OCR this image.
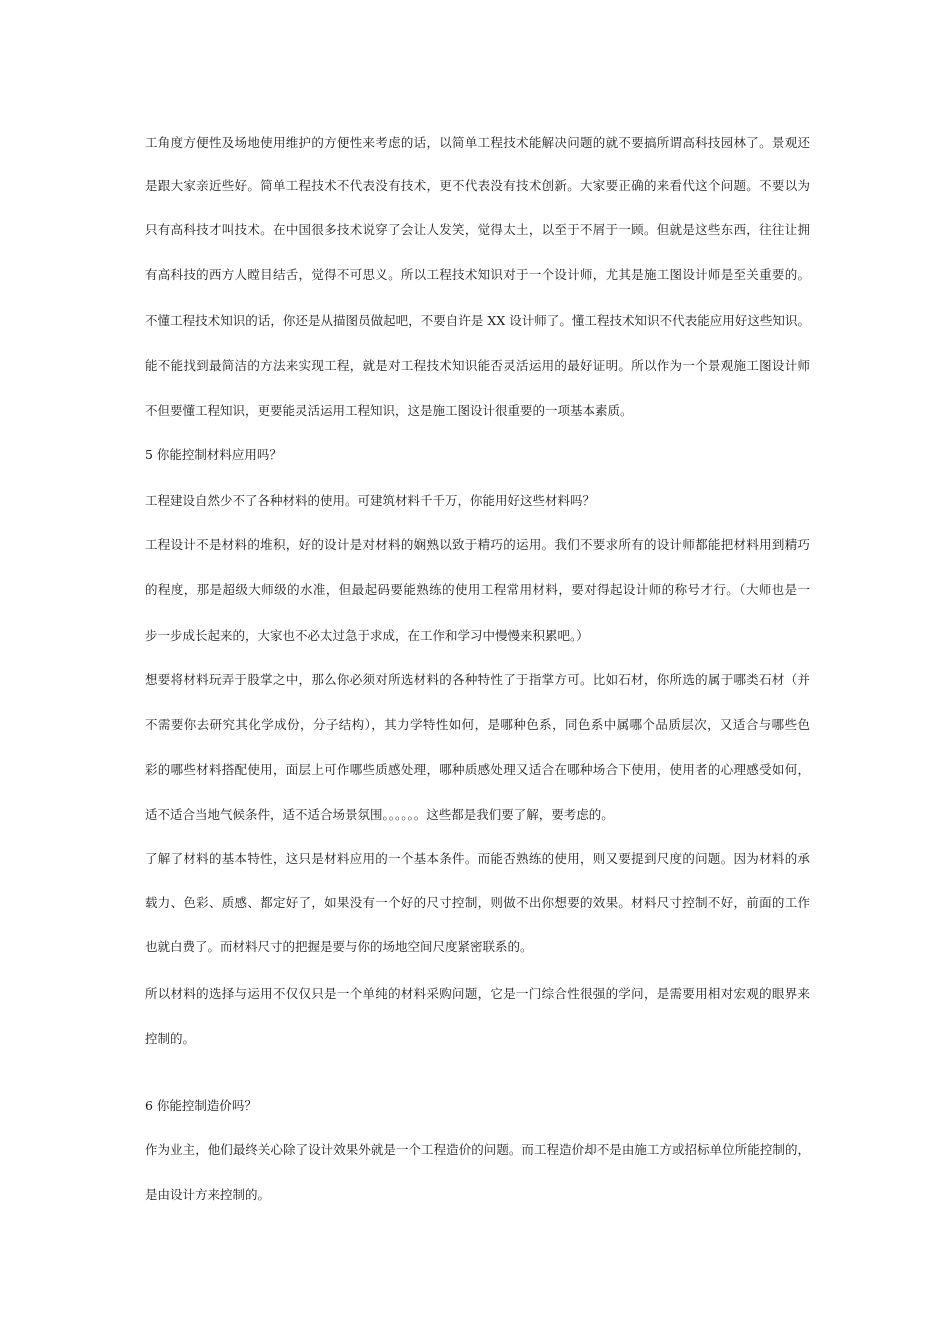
工角度方便性及场地使用维护的方便性来考虑的话，以简单工程技术能解决问题的就不要搞所谓高科技园林了。景观还
是跟大家亲近些好。简单工程技术不代表没有技术，更不代表没有技术创新。大家要正确的来看代这个问题。不要以为
只有高科技才叫技术。在中国很多技术说穿了会让人发笑，觉得太土，以至于不屑于一顾。但就是这些东西，往往让拥
有高科技的西方人瞠目结舌，觉得不可思义。所以工程技术知识对于一个设计师，尤其是施工图设计师是至关重要的。
不懂工程技术知识的话，你还是从描图员做起吧，不要自许是 XX 设计师了。懂工程技术知识不代表能应用好这些知识。
能不能找到最简洁的方法来实现工程，就是对工程技术知识能否灵活运用的最好证明。所以作为一个景观施工图设计师
不但要懂工程知识，更要能灵活运用工程知识，这是施工图设计很重要的一项基本素质。
5 你能控制材料应用吗？
工程建设自然少不了各种材料的使用。可建筑材料千千万，你能用好这些材料吗？
工程设计不是材料的堆积，好的设计是对材料的娴熟以致于精巧的运用。我们不要求所有的设计师都能把材料用到精巧
的程度，那是超级大师级的水准，但最起码要能熟练的使用工程常用材料，要对得起设计师的称号才行。（大师也是一
步一步成长起来的，大家也不必太过急于求成，在工作和学习中慢慢来积累吧。）
想要将材料玩弄于股掌之中，那么你必须对所选材料的各种特性了于指掌方可。比如石材，你所选的属于哪类石材（并
不需要你去研究其化学成份，分子结构），其力学特性如何，是哪种色系，同色系中属哪个品质层次，又适合与哪些色
彩的哪些材料搭配使用，面层上可作哪些质感处理，哪种质感处理又适合在哪种场合下使用，使用者的心理感受如何，
适不适合当地气候条件，适不适合场景氛围。。。。。。这些都是我们要了解，要考虑的。
了解了材料的基本特性，这只是材料应用的一个基本条件。而能否熟练的使用，则又要提到尺度的问题。因为材料的承
载力、色彩、质感、都定好了，如果没有一个好的尺寸控制，则做不出你想要的效果。材料尺寸控制不好，前面的工作
也就白费了。而材料尺寸的把握是要与你的场地空间尺度紧密联系的。
所以材料的选择与运用不仅仅只是一个单纯的材料采购问题，它是一门综合性很强的学问，是需要用相对宏观的眼界来
控制的。
6 你能控制造价吗？
作为业主，他们最终关心除了设计效果外就是一个工程造价的问题。而工程造价却不是由施工方或招标单位所能控制的，
是由设计方来控制的。
